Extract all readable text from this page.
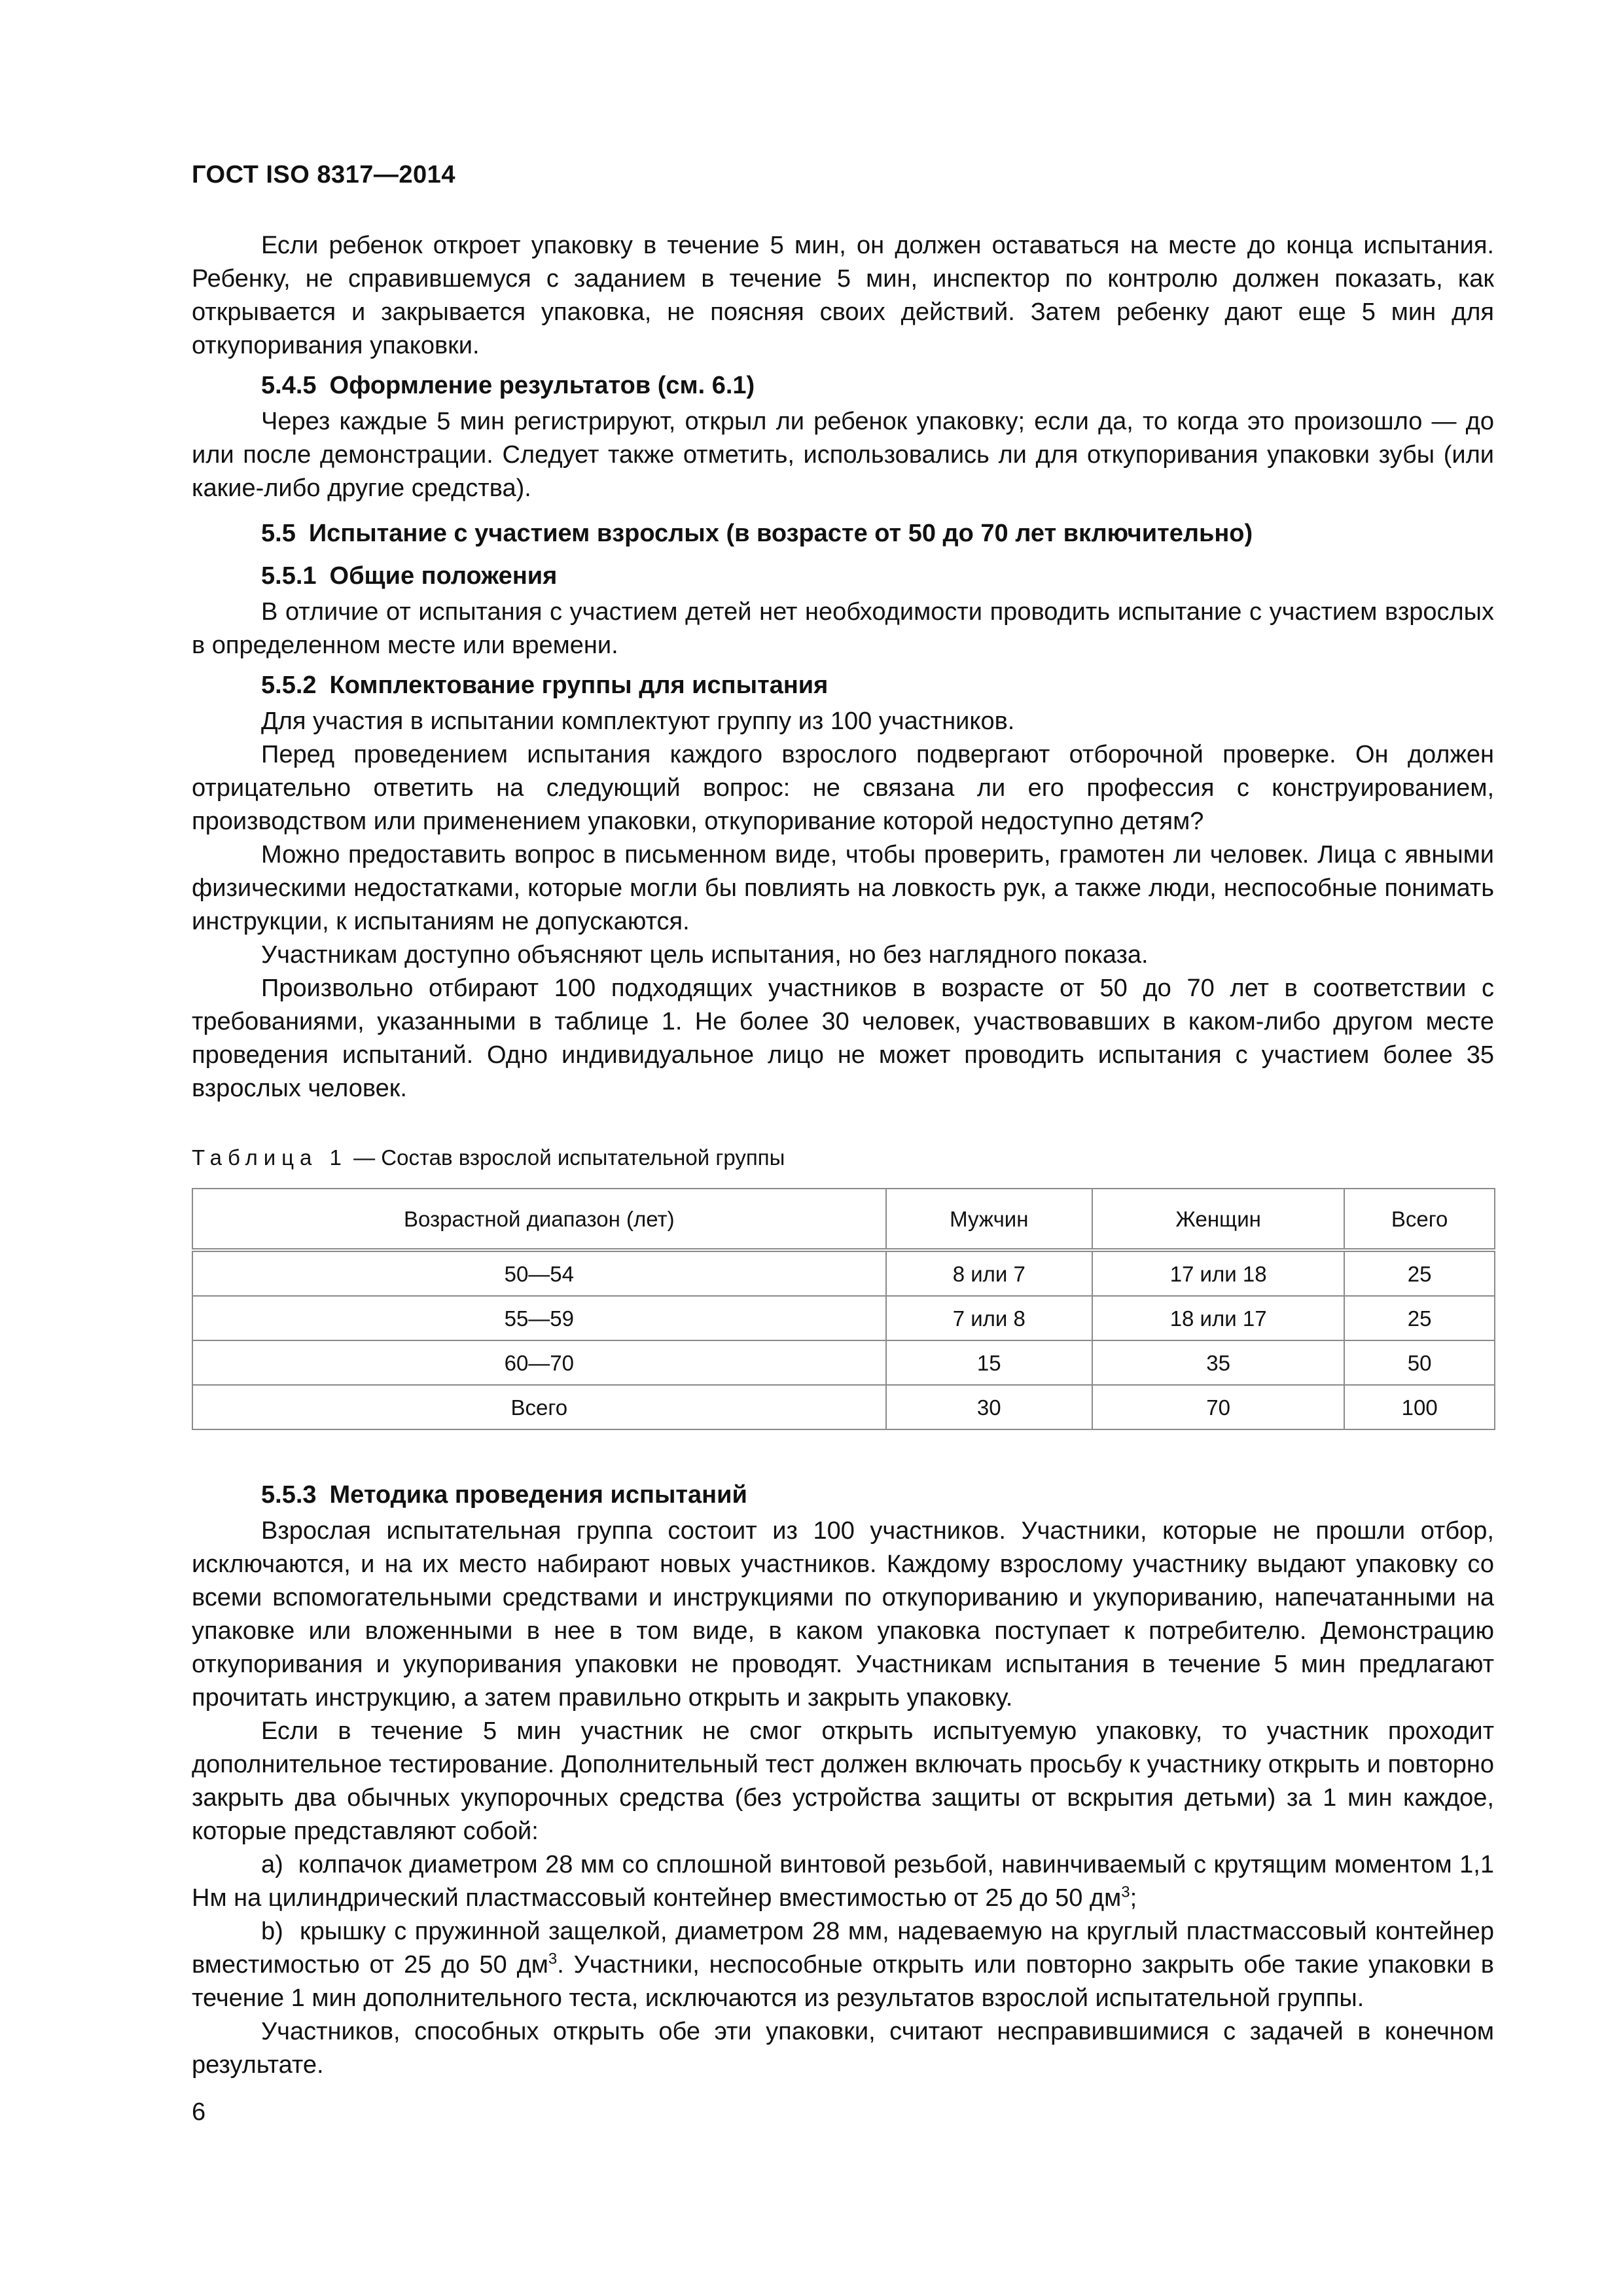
ГОСТ ISO 8317—2014

Если ребенок откроет упаковку в течение 5 мин, он должен оставаться на месте до конца испытания. Ребенку, не справившемуся с заданием в течение 5 мин, инспектор по контролю должен показать, как открывается и закрывается упаковка, не поясняя своих действий. Затем ребенку дают еще 5 мин для откупоривания упаковки.

5.4.5 Оформление результатов (см. 6.1)

Через каждые 5 мин регистрируют, открыл ли ребенок упаковку; если да, то когда это произошло — до или после демонстрации. Следует также отметить, использовались ли для откупоривания упаковки зубы (или какие-либо другие средства).

5.5 Испытание с участием взрослых (в возрасте от 50 до 70 лет включительно)
5.5.1 Общие положения

В отличие от испытания с участием детей нет необходимости проводить испытание с участием взрослых в определенном месте или времени.

5.5.2 Комплектование группы для испытания

Для участия в испытании комплектуют группу из 100 участников.

Перед проведением испытания каждого взрослого подвергают отборочной проверке. Он должен отрицательно ответить на следующий вопрос: не связана ли его профессия с конструированием, производством или применением упаковки, откупоривание которой недоступно детям?

Можно предоставить вопрос в письменном виде, чтобы проверить, грамотен ли человек. Лица с явными физическими недостатками, которые могли бы повлиять на ловкость рук, а также люди, неспособные понимать инструкции, к испытаниям не допускаются.

Участникам доступно объясняют цель испытания, но без наглядного показа.

Произвольно отбирают 100 подходящих участников в возрасте от 50 до 70 лет в соответствии с требованиями, указанными в таблице 1. Не более 30 человек, участвовавших в каком-либо другом месте проведения испытаний. Одно индивидуальное лицо не может проводить испытания с участием более 35 взрослых человек.

Таблица 1 — Состав взрослой испытательной группы
Возрастной диапазон (лет)	Мужчин	Женщин	Всего
50—54	8 или 7	17 или 18	25
55—59	7 или 8	18 или 17	25
60—70	15	35	50
Всего	30	70	100
5.5.3 Методика проведения испытаний

Взрослая испытательная группа состоит из 100 участников. Участники, которые не прошли отбор, исключаются, и на их место набирают новых участников. Каждому взрослому участнику выдают упаковку со всеми вспомогательными средствами и инструкциями по откупориванию и укупориванию, напечатанными на упаковке или вложенными в нее в том виде, в каком упаковка поступает к потребителю. Демонстрацию откупоривания и укупоривания упаковки не проводят. Участникам испытания в течение 5 мин предлагают прочитать инструкцию, а затем правильно открыть и закрыть упаковку.

Если в течение 5 мин участник не смог открыть испытуемую упаковку, то участник проходит дополнительное тестирование. Дополнительный тест должен включать просьбу к участнику открыть и повторно закрыть два обычных укупорочных средства (без устройства защиты от вскрытия детьми) за 1 мин каждое, которые представляют собой:

a) колпачок диаметром 28 мм со сплошной винтовой резьбой, навинчиваемый с крутящим моментом 1,1 Нм на цилиндрический пластмассовый контейнер вместимостью от 25 до 50 $дм^3$;

b) крышку с пружинной защелкой, диаметром 28 мм, надеваемую на круглый пластмассовый контейнер вместимостью от 25 до 50 $дм^3$. Участники, неспособные открыть или повторно закрыть обе такие упаковки в течение 1 мин дополнительного теста, исключаются из результатов взрослой испытательной группы.

Участников, способных открыть обе эти упаковки, считают несправившимися с задачей в конечном результате.

6
